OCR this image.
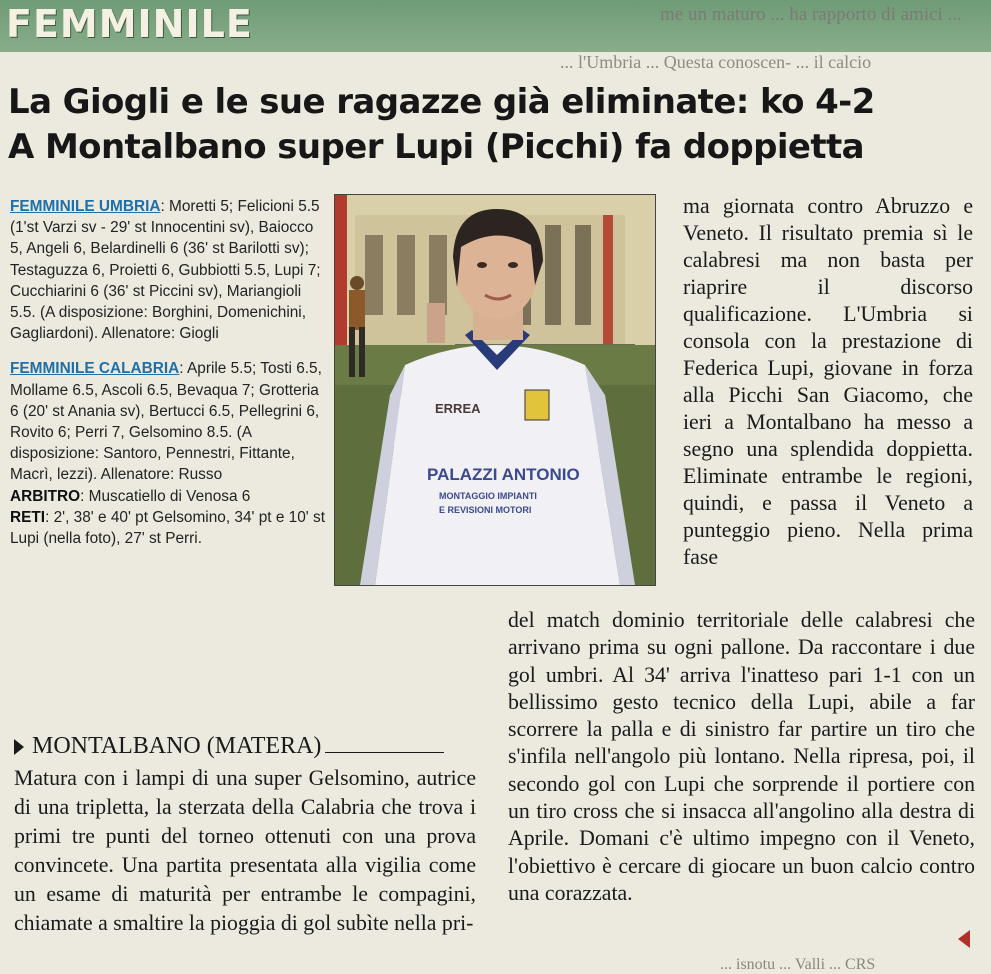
FEMMINILE	me un maturo ... ha rapporto di amici ...
... l'Umbria ... Questa conoscen- ... il calcio
La Giogli e le sue ragazze già eliminate: ko 4-2
A Montalbano super Lupi (Picchi) fa doppietta

FEMMINILE UMBRIA: Moretti 5; Felicioni 5.5 (1'st Varzi sv - 29' st Innocentini sv), Baiocco 5, Angeli 6, Belardinelli 6 (36' st Barilotti sv); Testaguzza 6, Proietti 6, Gubbiotti 5.5, Lupi 7; Cucchiarini 6 (36' st Piccini sv), Mariangioli 5.5. (A disposizione: Borghini, Domenichini, Gagliardoni). Allenatore: Giogli

FEMMINILE CALABRIA: Aprile 5.5; Tosti 6.5, Mollame 6.5, Ascoli 6.5, Bevaqua 7; Grotteria 6 (20' st Anania sv), Bertucci 6.5, Pellegrini 6, Rovito 6; Perri 7, Gelsomino 8.5. (A disposizione: Santoro, Pennestri, Fittante, Macrì, lezzi). Allenatore: Russo
ARBITRO: Muscatiello di Venosa 6
RETI: 2', 38' e 40' pt Gelsomino, 34' pt e 10' st Lupi (nella foto), 27' st Perri.

ERREA
PALAZZI ANTONIO
MONTAGGIO IMPIANTI
E REVISIONI MOTORI
ma giornata contro Abruzzo e Veneto. Il risultato premia sì le calabresi ma non basta per riaprire il discorso qualificazione. L'Umbria si consola con la prestazione di Federica Lupi, giovane in forza alla Picchi San Giacomo, che ieri a Montalbano ha messo a segno una splendida doppietta. Eliminate entrambe le regioni, quindi, e passa il Veneto a punteggio pieno. Nella prima fase
del match dominio territoriale delle calabresi che arrivano prima su ogni pallone. Da raccontare i due gol umbri. Al 34' arriva l'inatteso pari 1-1 con un bellissimo gesto tecnico della Lupi, abile a far scorrere la palla e di sinistro far partire un tiro che s'infila nell'angolo più lontano. Nella ripresa, poi, il secondo gol con Lupi che sorprende il portiere con un tiro cross che si insacca all'angolino alla destra di Aprile. Domani c'è ultimo impegno con il Veneto, l'obiettivo è cercare di giocare un buon calcio contro una corazzata.
MONTALBANO (MATERA)
Matura con i lampi di una super Gelsomino, autrice di una tripletta, la sterzata della Calabria che trova i primi tre punti del torneo ottenuti con una prova convincete. Una partita presentata alla vigilia come un esame di maturità per entrambe le compagini, chiamate a smaltire la pioggia di gol subìte nella pri-
... isnotu ... Valli ... CRS
